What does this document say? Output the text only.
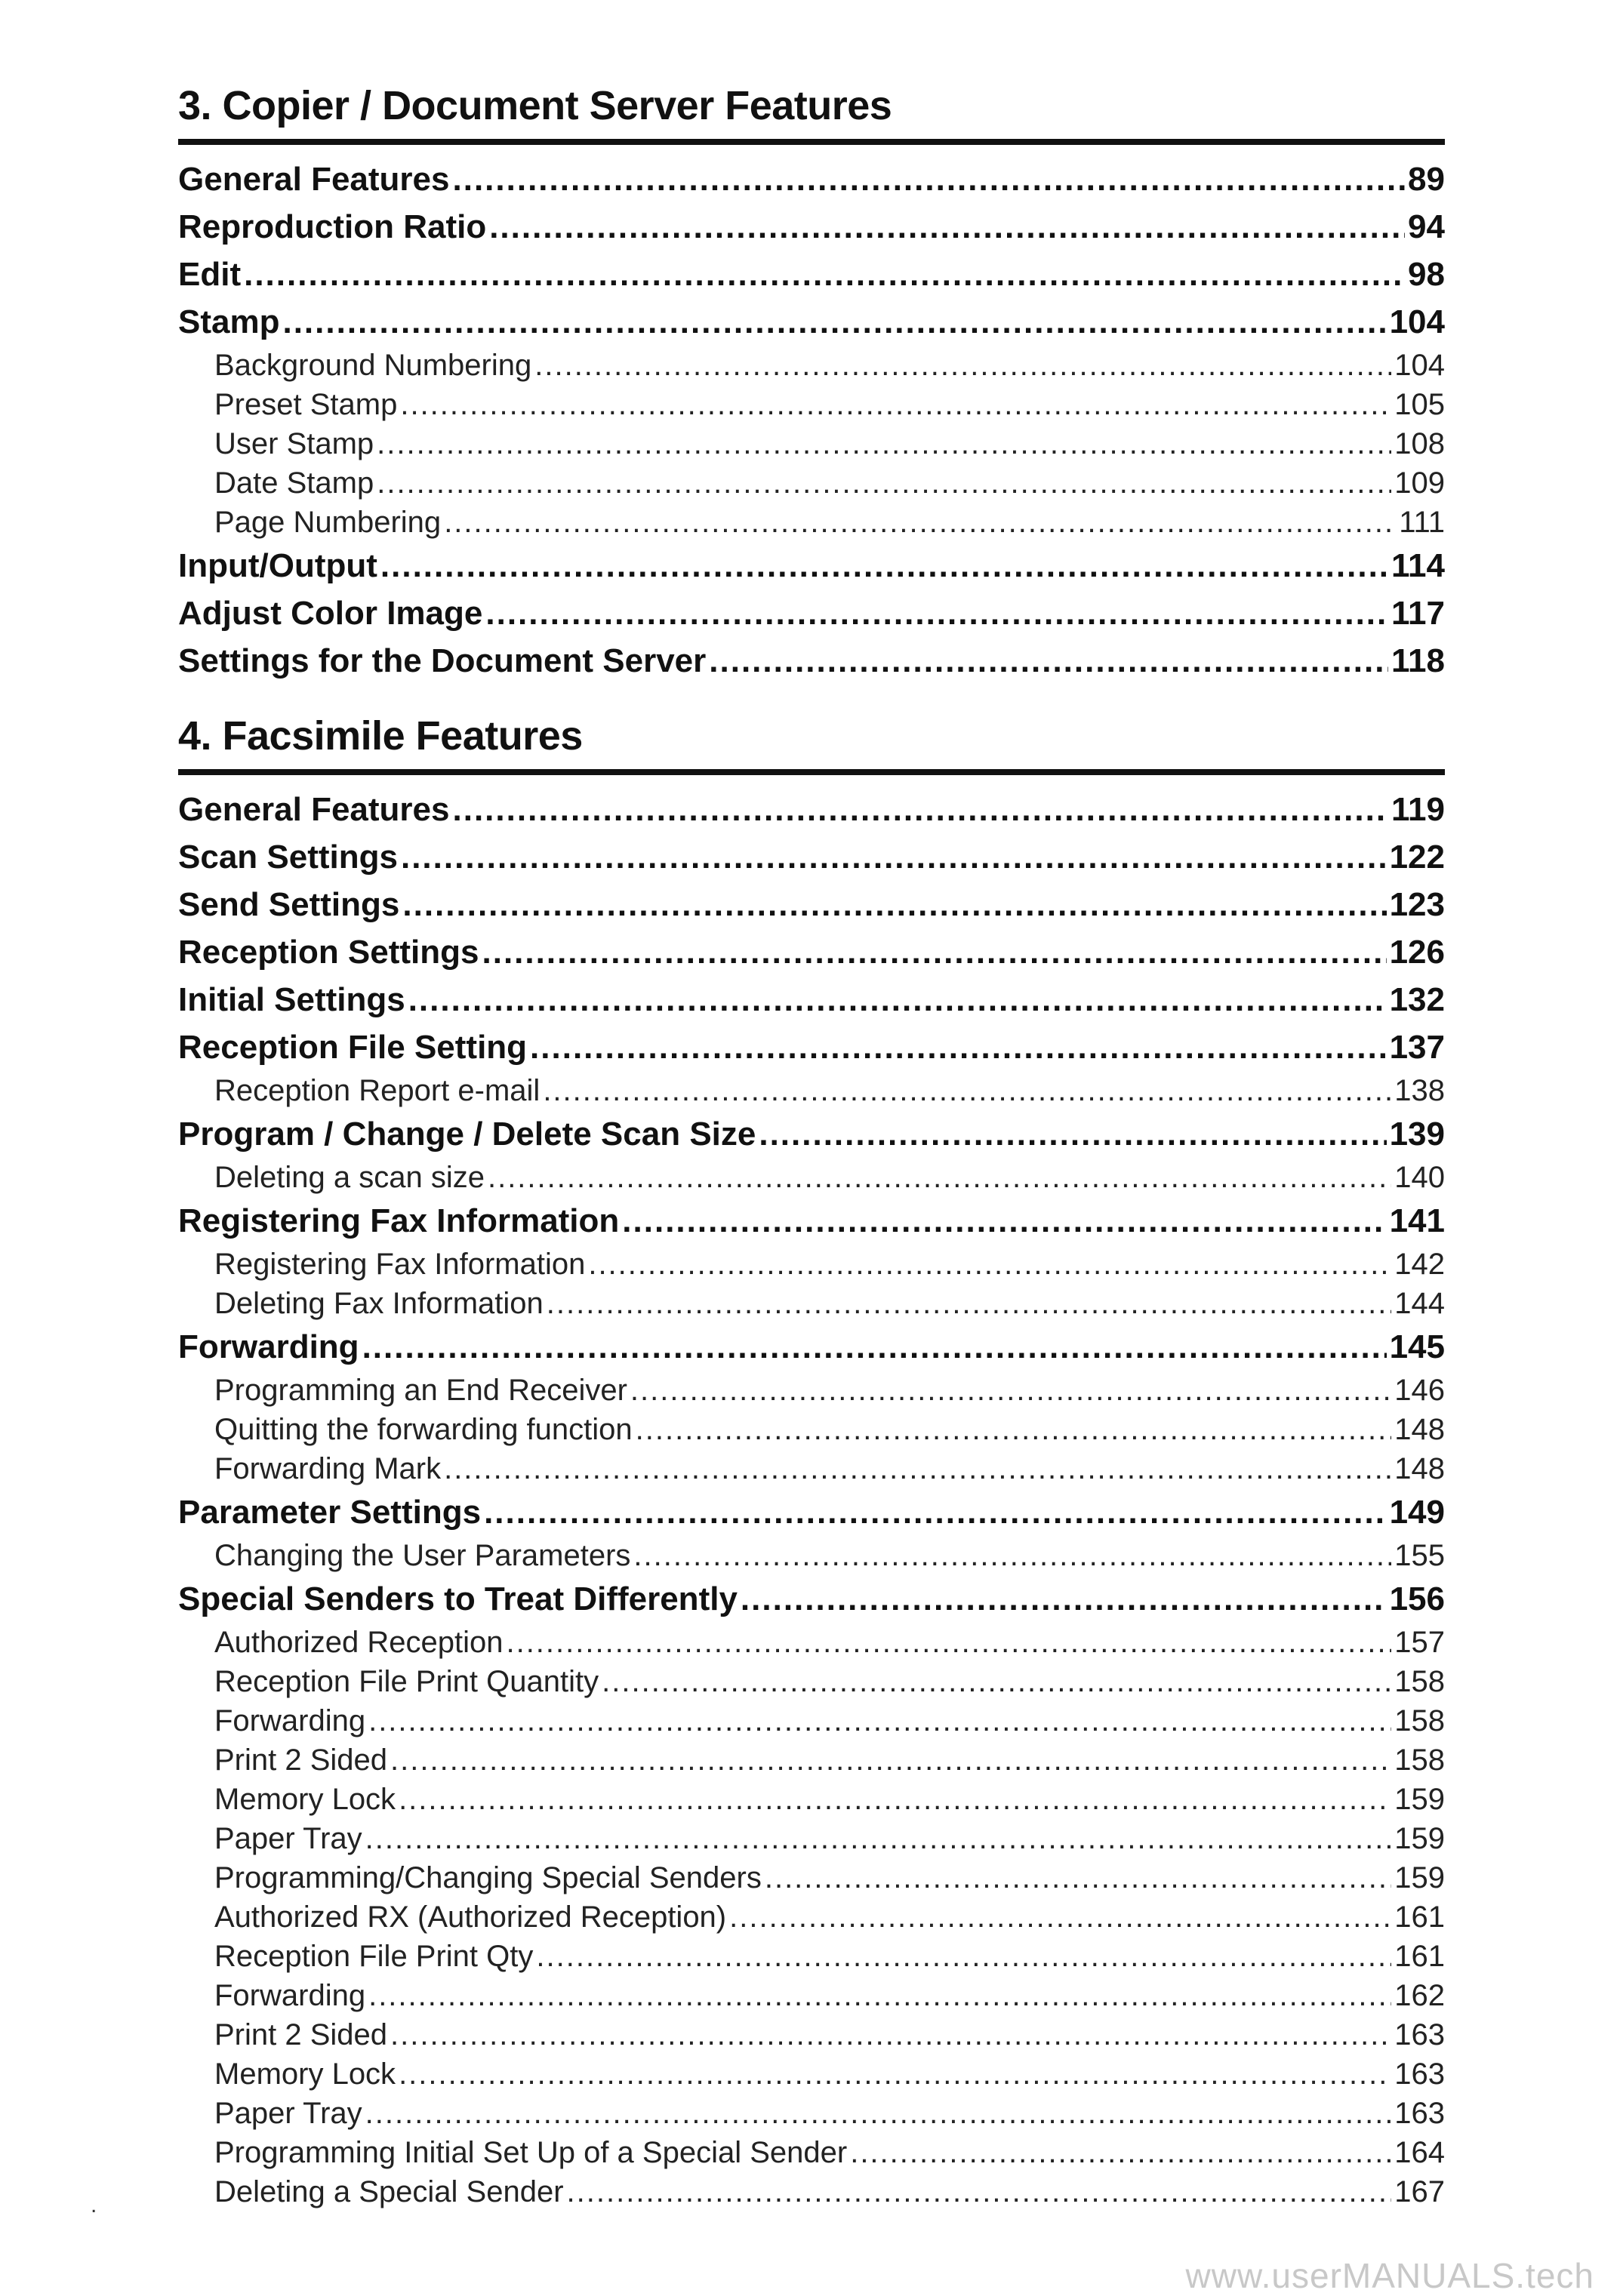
3. Copier / Document Server Features
General Features .....	89
Reproduction Ratio .....	94
Edit .....	98
Stamp .....	104
Background Numbering .....	104
Preset Stamp .....	105
User Stamp .....	108
Date Stamp .....	109
Page Numbering .....	111
Input/Output .....	114
Adjust Color Image .....	117
Settings for the Document Server .....	118
4. Facsimile Features
General Features .....	119
Scan Settings .....	122
Send Settings .....	123
Reception Settings .....	126
Initial Settings .....	132
Reception File Setting .....	137
Reception Report e-mail .....	138
Program / Change / Delete Scan Size .....	139
Deleting a scan size .....	140
Registering Fax Information .....	141
Registering Fax Information .....	142
Deleting Fax Information .....	144
Forwarding .....	145
Programming an End Receiver .....	146
Quitting the forwarding function .....	148
Forwarding Mark .....	148
Parameter Settings .....	149
Changing the User Parameters .....	155
Special Senders to Treat Differently .....	156
Authorized Reception .....	157
Reception File Print Quantity .....	158
Forwarding .....	158
Print 2 Sided .....	158
Memory Lock .....	159
Paper Tray .....	159
Programming/Changing Special Senders .....	159
Authorized RX (Authorized Reception) .....	161
Reception File Print Qty .....	161
Forwarding .....	162
Print 2 Sided .....	163
Memory Lock .....	163
Paper Tray .....	163
Programming Initial Set Up of a Special Sender .....	164
Deleting a Special Sender .....	167
.
www.userMANUALS.tech
